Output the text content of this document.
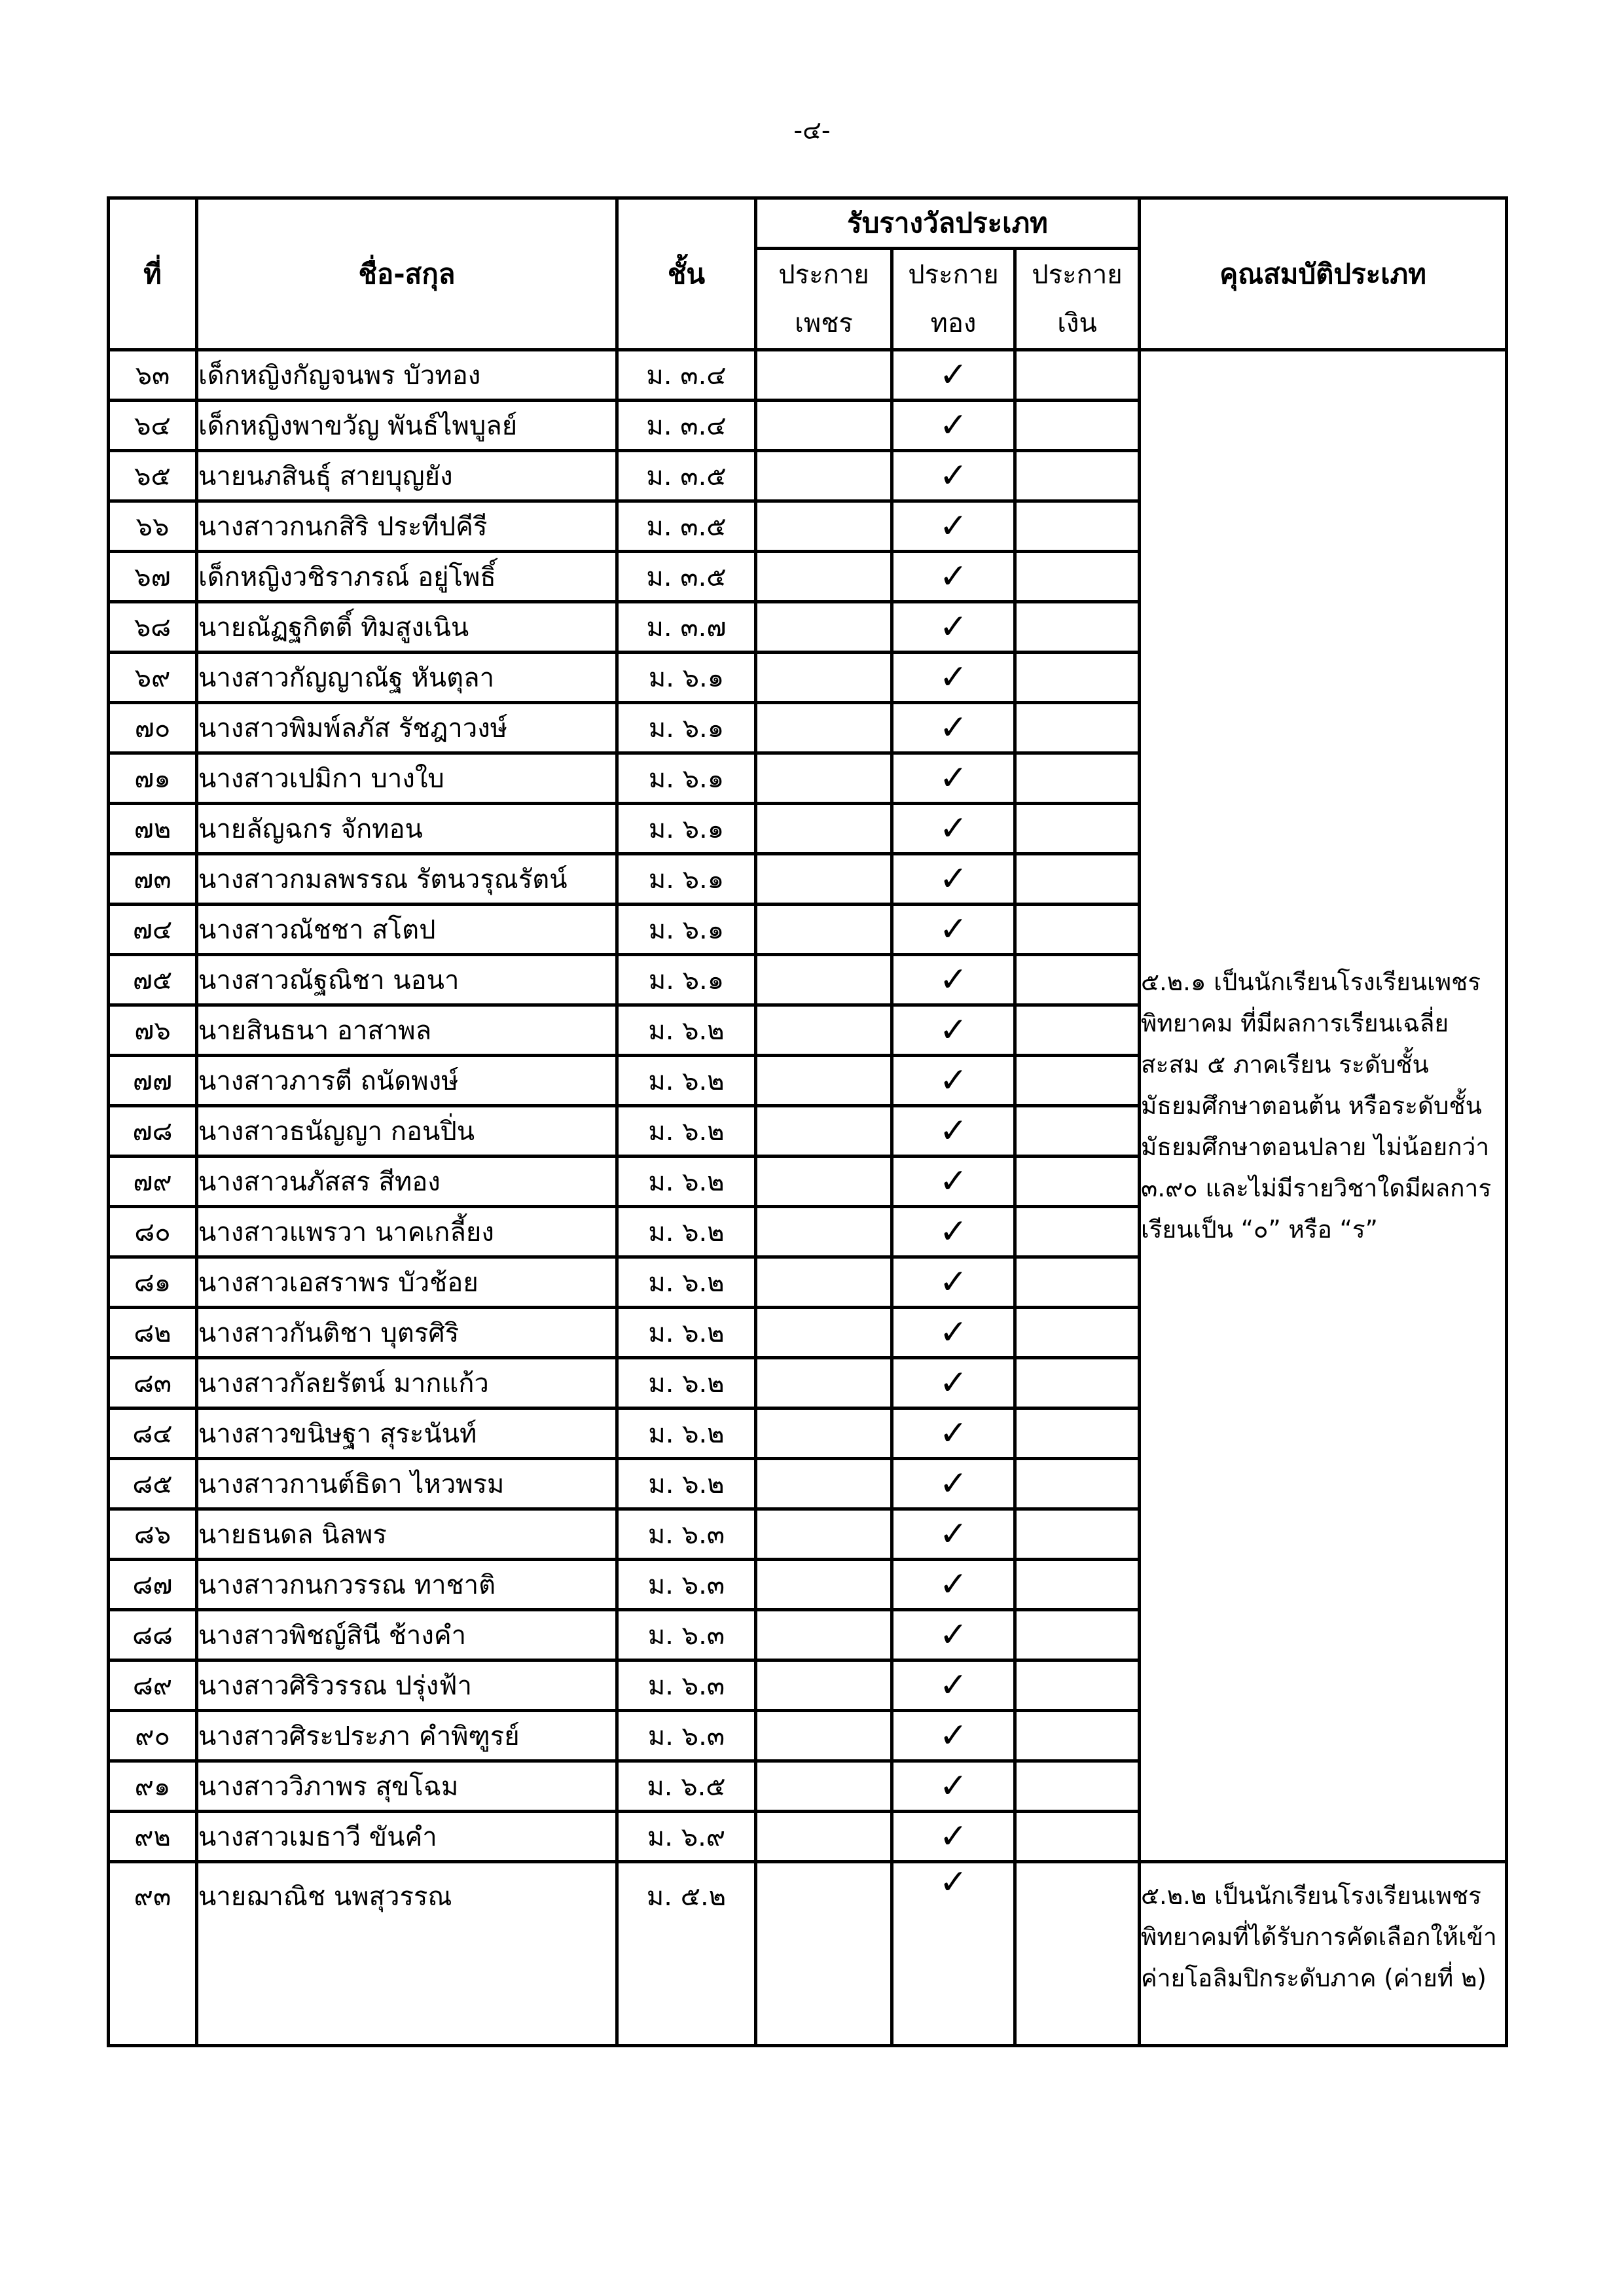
-๔-
ที่	ชื่อ-สกุล	ชั้น	รับรางวัลประเภท			คุณสมบัติประเภท
			ประกาย เพชร	ประกาย ทอง	ประกาย เงิน	
๖๓	เด็กหญิงกัญจนพร บัวทอง	ม. ๓.๔		✓		๕.๒.๑ เป็นนักเรียนโรงเรียนเพชรพิทยาคม ที่มีผลการเรียนเฉลี่ยสะสม ๕ ภาคเรียน ระดับชั้นมัธยมศึกษาตอนต้น หรือระดับชั้นมัธยมศึกษาตอนปลาย ไม่น้อยกว่า ๓.๙๐ และไม่มีรายวิชาใดมีผลการเรียนเป็น “๐” หรือ “ร”
๖๔	เด็กหญิงพาขวัญ พันธ์ไพบูลย์	ม. ๓.๔		✓		
๖๕	นายนภสินธุ์ สายบุญยัง	ม. ๓.๕		✓		
๖๖	นางสาวกนกสิริ ประทีปคีรี	ม. ๓.๕		✓		
๖๗	เด็กหญิงวชิราภรณ์ อยู่โพธิ์	ม. ๓.๕		✓		
๖๘	นายณัฏฐกิตติ์ ทิมสูงเนิน	ม. ๓.๗		✓		
๖๙	นางสาวกัญญาณัฐ หันตุลา	ม. ๖.๑		✓		
๗๐	นางสาวพิมพ์ลภัส รัชฎาวงษ์	ม. ๖.๑		✓		
๗๑	นางสาวเปมิกา บางใบ	ม. ๖.๑		✓		
๗๒	นายลัญฉกร จักทอน	ม. ๖.๑		✓		
๗๓	นางสาวกมลพรรณ รัตนวรุณรัตน์	ม. ๖.๑		✓		
๗๔	นางสาวณัชชา สโตป	ม. ๖.๑		✓		
๗๕	นางสาวณัฐณิชา นอนา	ม. ๖.๑		✓		
๗๖	นายสินธนา อาสาพล	ม. ๖.๒		✓		
๗๗	นางสาวภารตี ถนัดพงษ์	ม. ๖.๒		✓		
๗๘	นางสาวธนัญญา กอนปิ่น	ม. ๖.๒		✓		
๗๙	นางสาวนภัสสร สีทอง	ม. ๖.๒		✓		
๘๐	นางสาวแพรวา นาคเกลี้ยง	ม. ๖.๒		✓		
๘๑	นางสาวเอสราพร บัวช้อย	ม. ๖.๒		✓		
๘๒	นางสาวกันติชา บุตรศิริ	ม. ๖.๒		✓		
๘๓	นางสาวกัลยรัตน์ มากแก้ว	ม. ๖.๒		✓		
๘๔	นางสาวขนิษฐา สุระนันท์	ม. ๖.๒		✓		
๘๕	นางสาวกานต์ธิดา ไหวพรม	ม. ๖.๒		✓		
๘๖	นายธนดล นิลพร	ม. ๖.๓		✓		
๘๗	นางสาวกนกวรรณ ทาชาติ	ม. ๖.๓		✓		
๘๘	นางสาวพิชญ์สินี ช้างคำ	ม. ๖.๓		✓		
๘๙	นางสาวศิริวรรณ ปรุ่งฟ้า	ม. ๖.๓		✓		
๙๐	นางสาวศิระประภา คำพิฑูรย์	ม. ๖.๓		✓		
๙๑	นางสาววิภาพร สุขโฉม	ม. ๖.๕		✓		
๙๒	นางสาวเมธาวี ขันคำ	ม. ๖.๙		✓		
๙๓	นายฌาณิช นพสุวรรณ	ม. ๕.๒		✓		๕.๒.๒ เป็นนักเรียนโรงเรียนเพชรพิทยาคมที่ได้รับการคัดเลือกให้เข้าค่ายโอลิมปิกระดับภาค (ค่ายที่ ๒)
